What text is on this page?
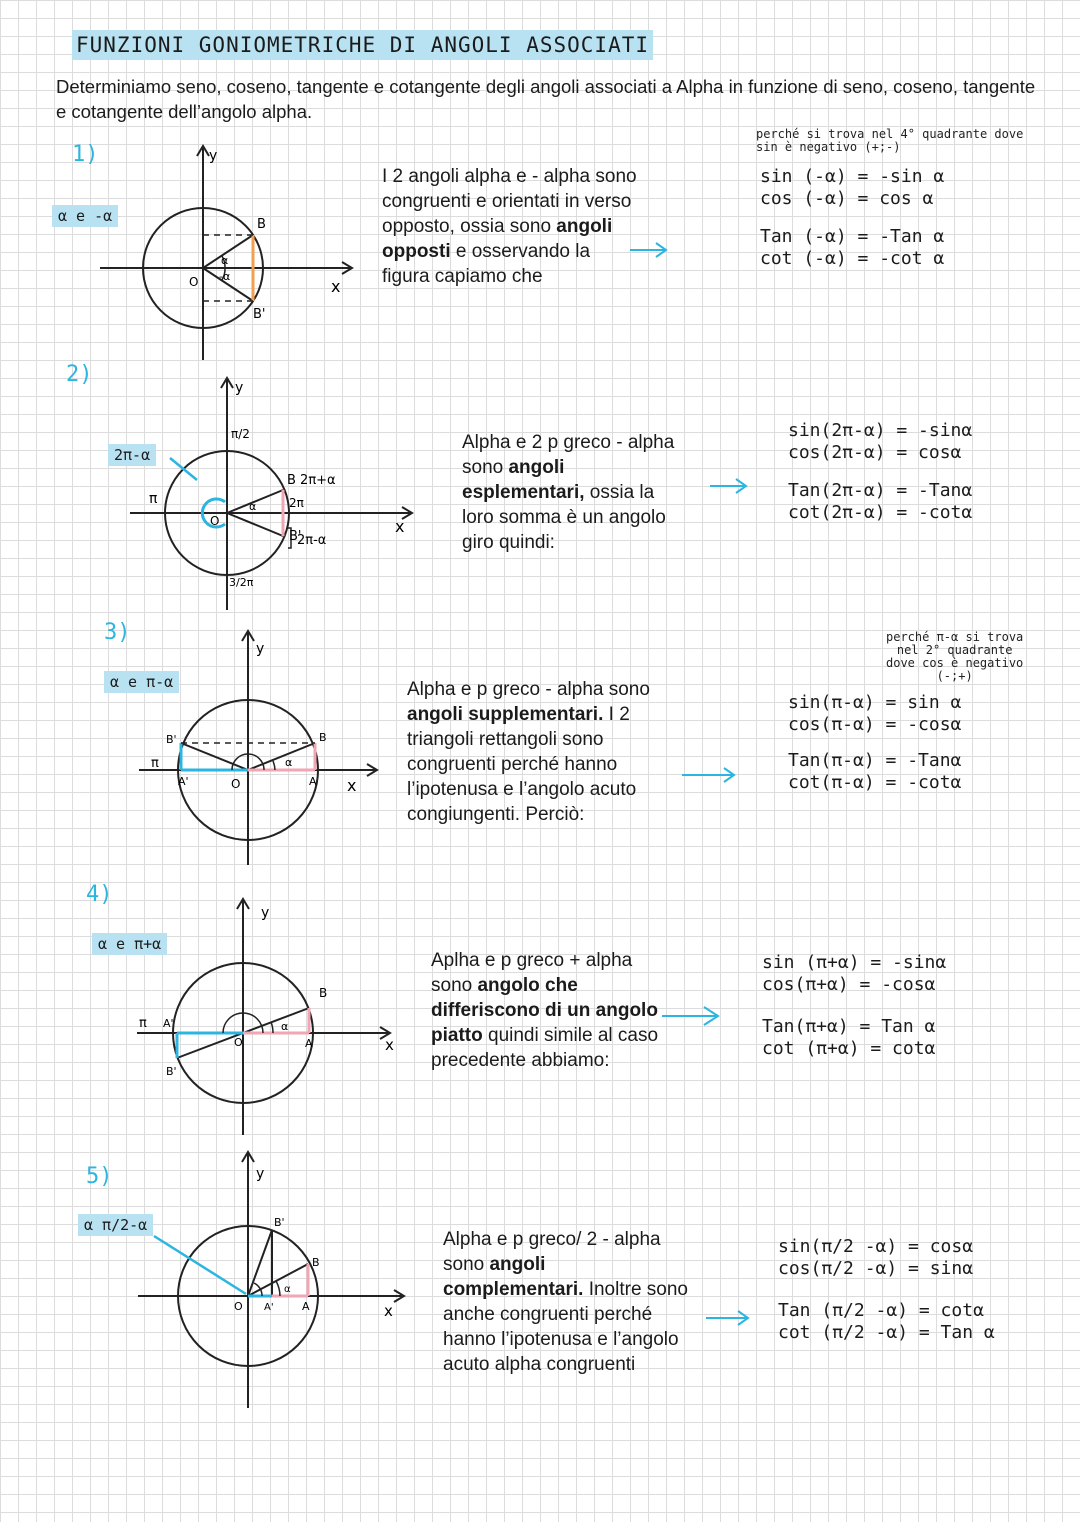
FUNZIONI GONIOMETRICHE DI ANGOLI ASSOCIATI
Determiniamo seno, coseno, tangente e cotangente degli angoli associati a Alpha in funzione di seno, coseno, tangente e cotangente dell’angolo alpha.
1)
α e -α
y
x
O
B
B'
α
-α
I 2 angoli alpha e - alpha sono congruenti e orientati in verso opposto, ossia sono angoli opposti e osservando la figura capiamo che
perché si trova nel 4° quadrante dove
sin è negativo (+;-)
sin (-α) = -sin α
cos (-α) = cos α
Tan (-α) = -Tan α
cot (-α) = -cot α
2)
2π-α
y
x
O
π
π/2
3/2π
B 2π+α
2π
B'
α
2π-α
Alpha e 2 p greco - alpha sono angoli esplementari, ossia la loro somma è un angolo giro quindi:
sin(2π-α) = -sinα
cos(2π-α) = cosα
Tan(2π-α) = -Tanα
cot(2π-α) = -cotα
3)
α e π-α
y
x
O
π
B'	B
A
A'
α
Alpha e p greco - alpha sono angoli supplementari. I 2 triangoli rettangoli sono congruenti perché hanno l’ipotenusa e l’angolo acuto congiungenti. Perciò:
perché π-α si trova
nel 2° quadrante
dove cos è negativo
(-;+)
sin(π-α) = sin α
cos(π-α) = -cosα
Tan(π-α) = -Tanα
cot(π-α) = -cotα
4)
α e π+α
y
x
O
π A'
B'
B
A
α
Aplha e p greco + alpha sono angolo che differiscono di un angolo piatto quindi simile al caso precedente abbiamo:
sin (π+α) = -sinα
cos(π+α) = -cosα
Tan(π+α) = Tan α
cot (π+α) = cotα
5)
α π/2-α
y
x
O
B'
B
A'	A
α
Alpha e p greco/ 2 - alpha sono angoli complementari. Inoltre sono anche congruenti perché hanno l’ipotenusa e l’angolo acuto alpha congruenti
sin(π/2 -α) = cosα
cos(π/2 -α) = sinα
Tan (π/2 -α) = cotα
cot (π/2 -α) = Tan α
